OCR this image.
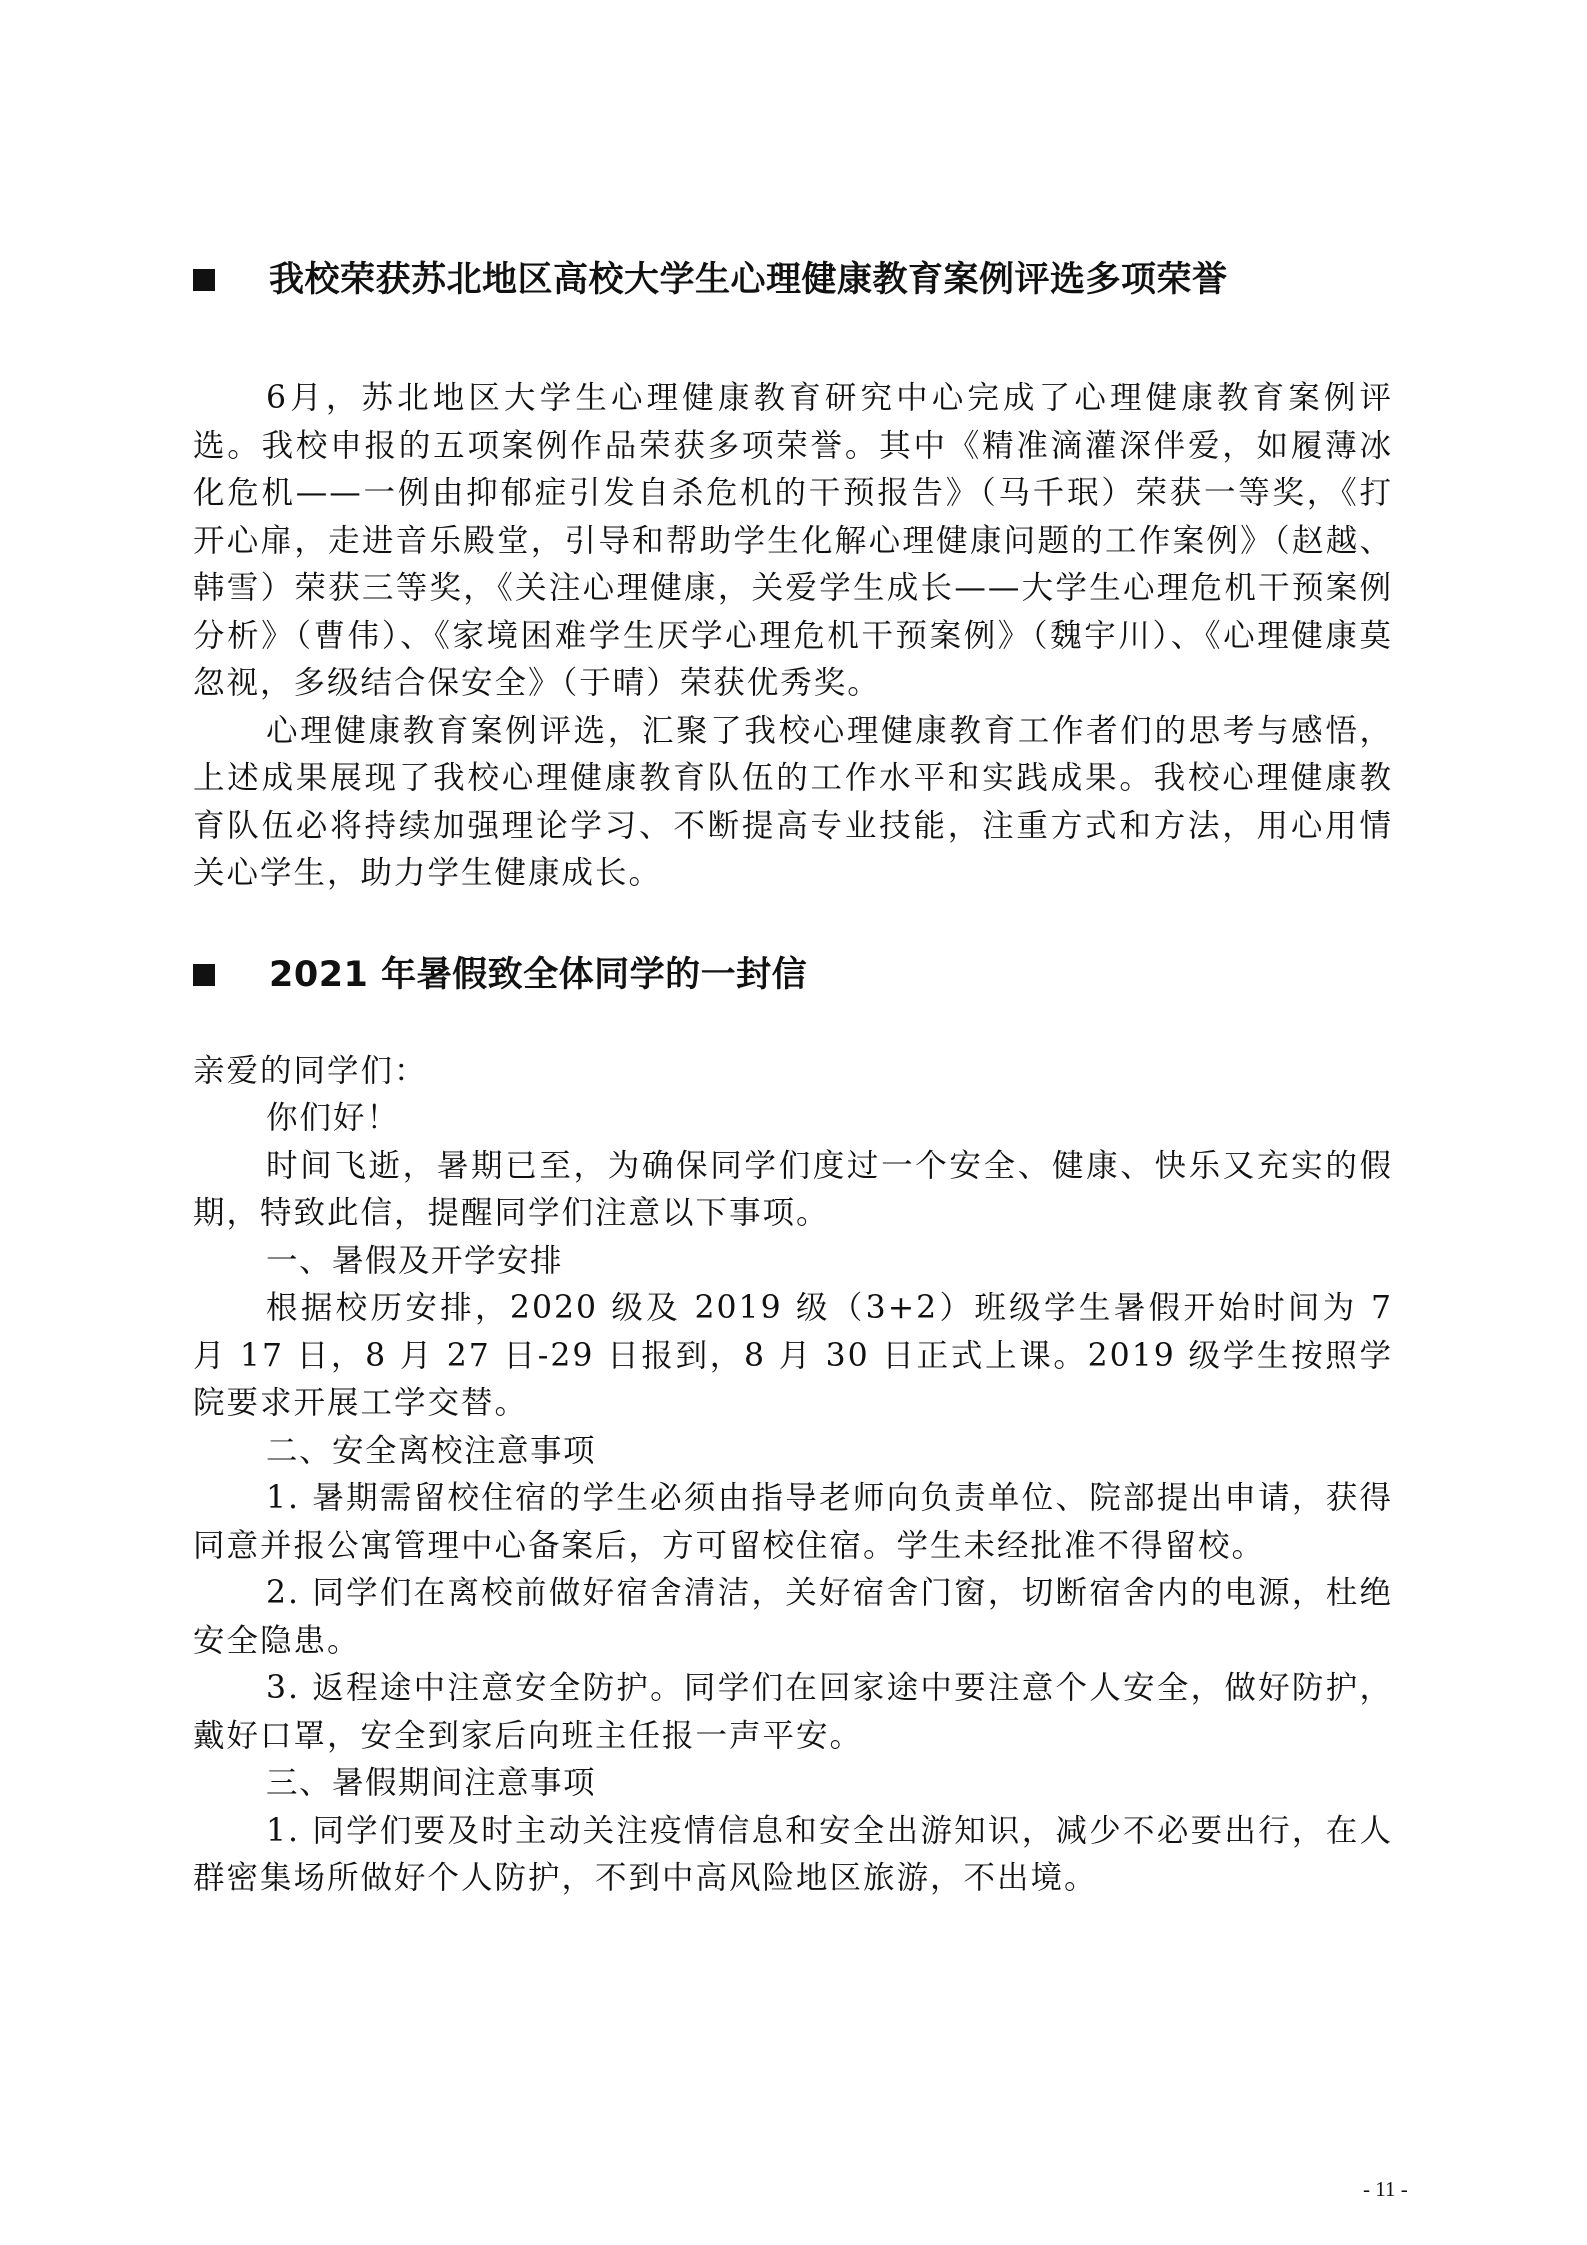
我校荣获苏北地区高校大学生心理健康教育案例评选多项荣誉

6月，苏北地区大学生心理健康教育研究中心完成了心理健康教育案例评选。我校申报的五项案例作品荣获多项荣誉。其中《精准滴灌深伴爱，如履薄冰化危机——一例由抑郁症引发自杀危机的干预报告》（马千珉）荣获一等奖，《打开心扉，走进音乐殿堂，引导和帮助学生化解心理健康问题的工作案例》（赵越、韩雪）荣获三等奖，《关注心理健康，关爱学生成长——大学生心理危机干预案例分析》（曹伟）、《家境困难学生厌学心理危机干预案例》（魏宇川）、《心理健康莫忽视，多级结合保安全》（于晴）荣获优秀奖。

心理健康教育案例评选，汇聚了我校心理健康教育工作者们的思考与感悟，上述成果展现了我校心理健康教育队伍的工作水平和实践成果。我校心理健康教育队伍必将持续加强理论学习、不断提高专业技能，注重方式和方法，用心用情关心学生，助力学生健康成长。

2021 年暑假致全体同学的一封信

亲爱的同学们：

你们好！

时间飞逝，暑期已至，为确保同学们度过一个安全、健康、快乐又充实的假期，特致此信，提醒同学们注意以下事项。

一、暑假及开学安排

根据校历安排，2020 级及 2019 级（3+2）班级学生暑假开始时间为 7 月 17 日，8 月 27 日-29 日报到，8 月 30 日正式上课。2019 级学生按照学院要求开展工学交替。

二、安全离校注意事项

1. 暑期需留校住宿的学生必须由指导老师向负责单位、院部提出申请，获得同意并报公寓管理中心备案后，方可留校住宿。学生未经批准不得留校。

2. 同学们在离校前做好宿舍清洁，关好宿舍门窗，切断宿舍内的电源，杜绝安全隐患。

3. 返程途中注意安全防护。同学们在回家途中要注意个人安全，做好防护，戴好口罩，安全到家后向班主任报一声平安。

三、暑假期间注意事项

1. 同学们要及时主动关注疫情信息和安全出游知识，减少不必要出行，在人群密集场所做好个人防护，不到中高风险地区旅游，不出境。

- 11 -
